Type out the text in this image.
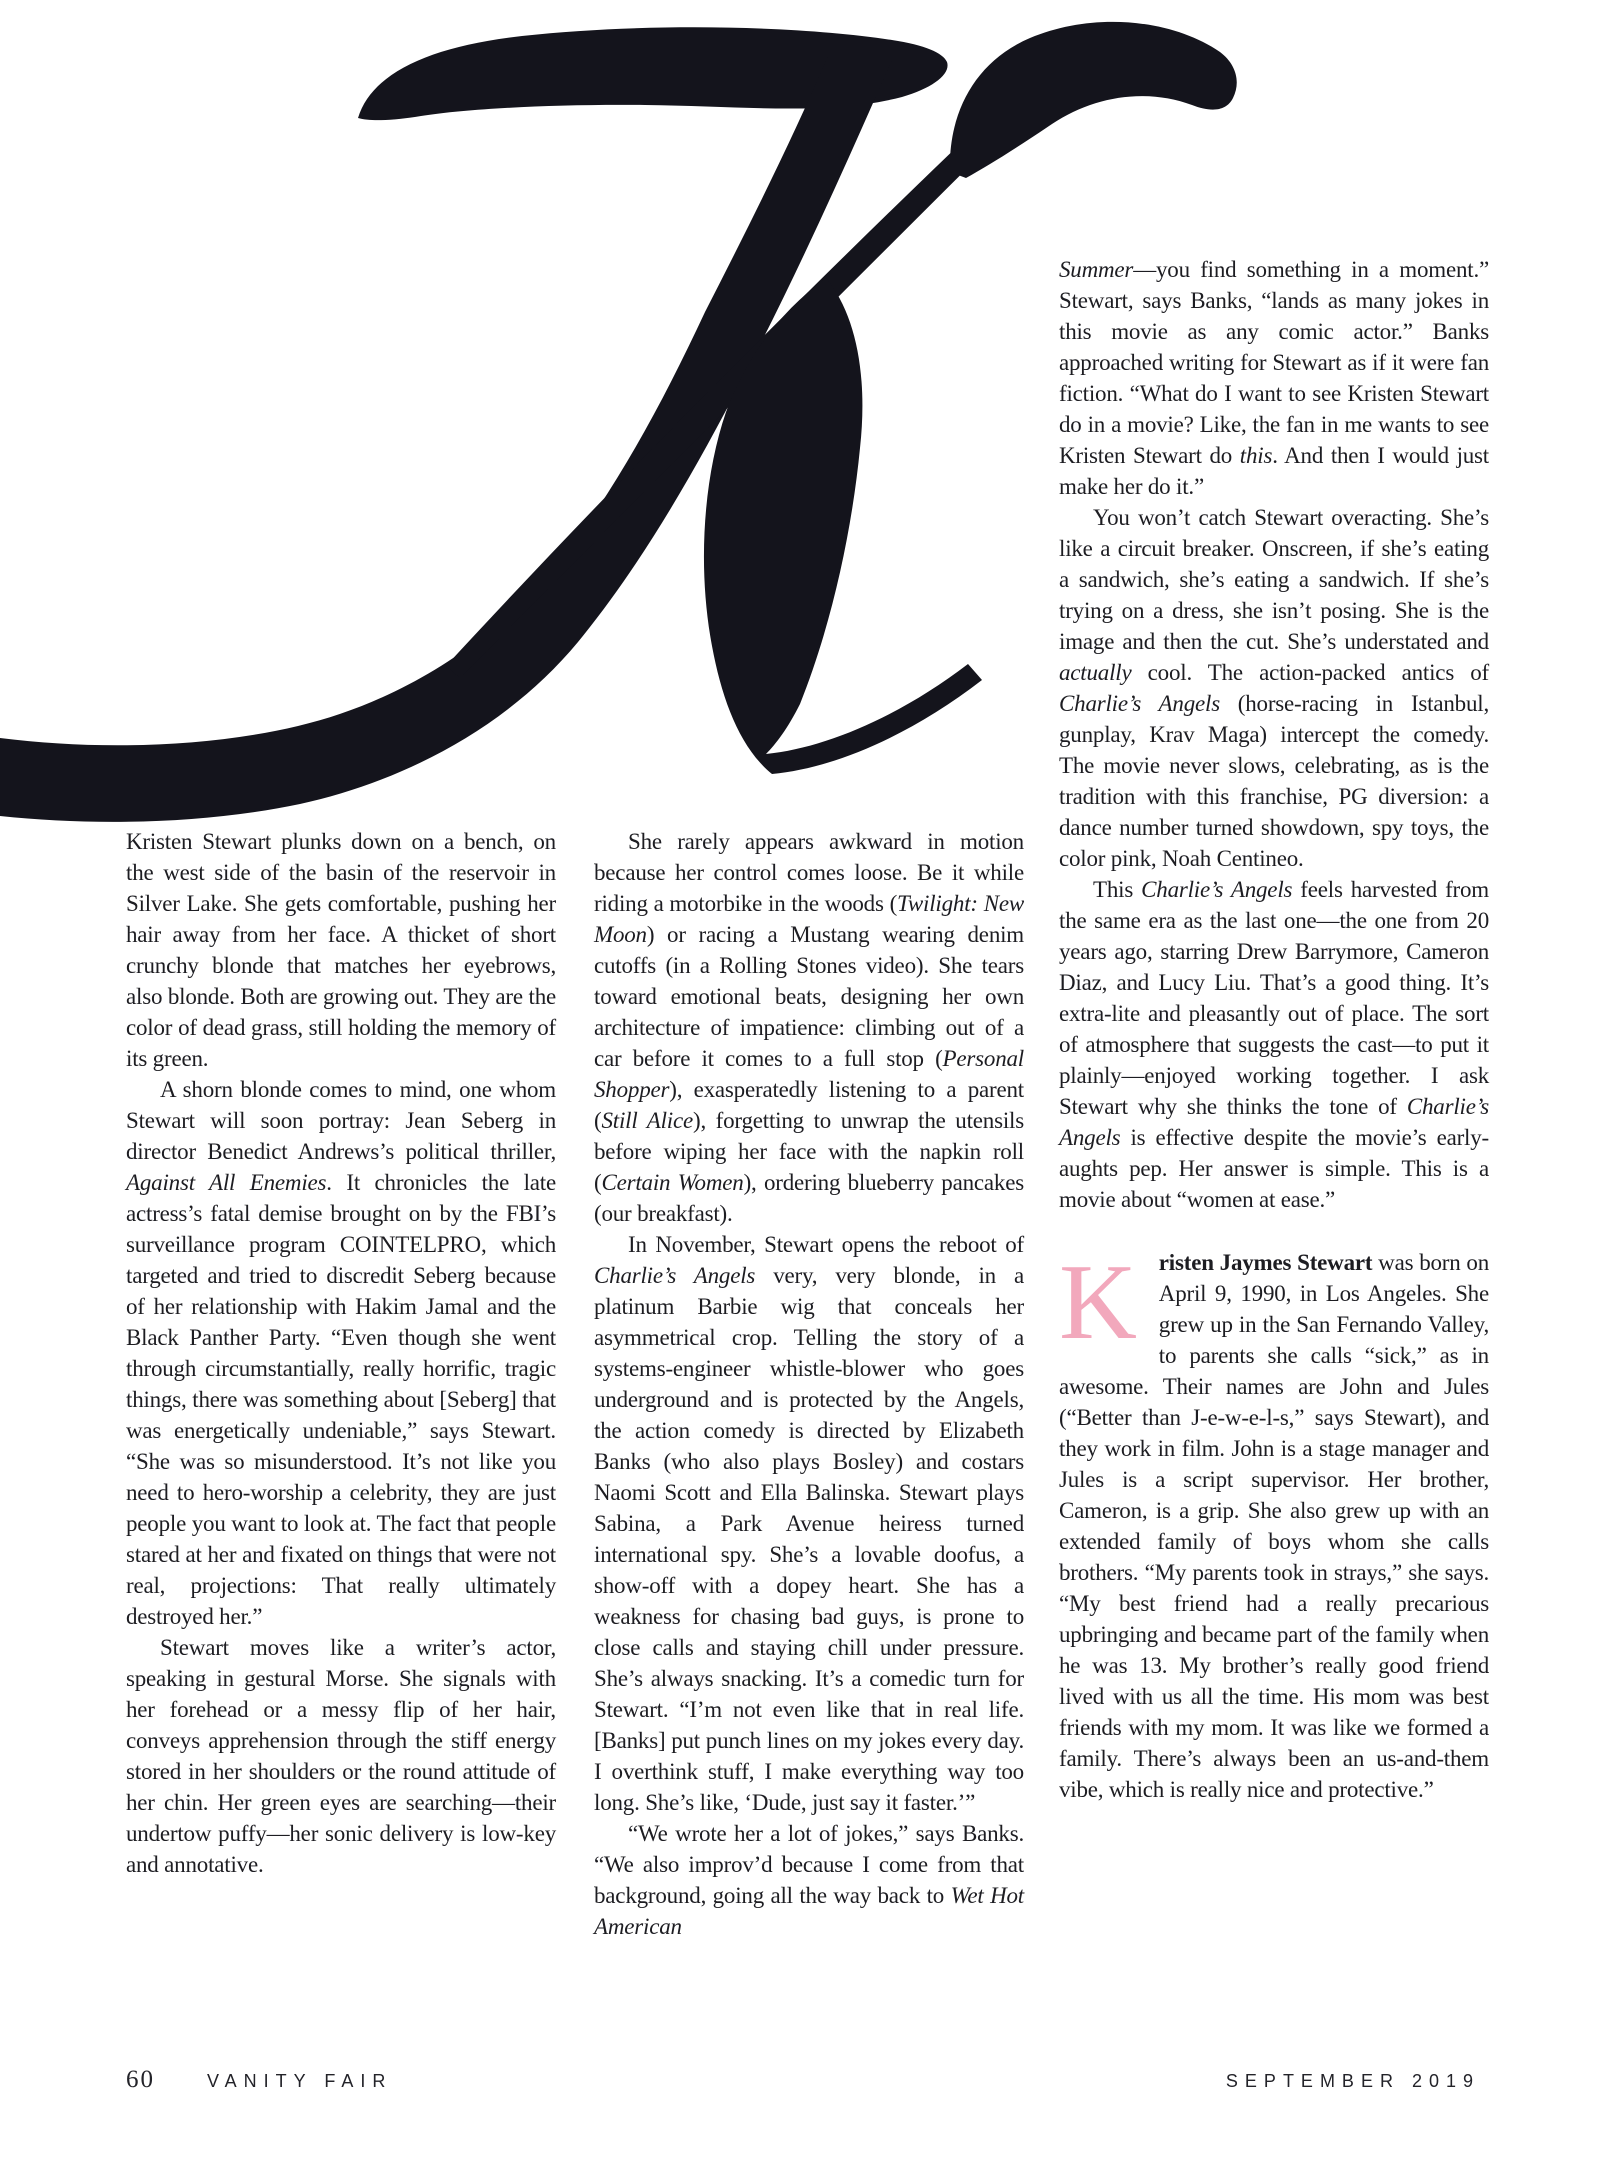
Kristen Stewart plunks down on a bench, on the west side of the basin of the reservoir in Silver Lake. She gets comfortable, pushing her hair away from her face. A thicket of short crunchy blonde that matches her eyebrows, also blonde. Both are growing out. They are the color of dead grass, still holding the memory of its green.

A shorn blonde comes to mind, one whom Stewart will soon portray: Jean Seberg in director Benedict Andrews’s political thriller, Against All Enemies. It chronicles the late actress’s fatal demise brought on by the FBI’s surveillance program COINTELPRO, which targeted and tried to discredit Seberg because of her relationship with Hakim Jamal and the Black Panther Party. “Even though she went through circumstantially, really horrific, tragic things, there was something about [Seberg] that was energetically undeniable,” says Stewart. “She was so misunderstood. It’s not like you need to hero-worship a celebrity, they are just people you want to look at. The fact that people stared at her and fixated on things that were not real, projections: That really ultimately destroyed her.”

Stewart moves like a writer’s actor, speaking in gestural Morse. She signals with her forehead or a messy flip of her hair, conveys apprehension through the stiff energy stored in her shoulders or the round attitude of her chin. Her green eyes are searching—their undertow puffy—her sonic delivery is low-key and annotative.

She rarely appears awkward in motion because her control comes loose. Be it while riding a motorbike in the woods (Twilight: New Moon) or racing a Mustang wearing denim cutoffs (in a Rolling Stones video). She tears toward emotional beats, designing her own architecture of impatience: climbing out of a car before it comes to a full stop (Personal Shopper), exasperatedly listening to a parent (Still Alice), forgetting to unwrap the utensils before wiping her face with the napkin roll (Certain Women), ordering blueberry pancakes (our breakfast).

In November, Stewart opens the reboot of Charlie’s Angels very, very blonde, in a platinum Barbie wig that conceals her asymmetrical crop. Telling the story of a systems-engineer whistle-blower who goes underground and is protected by the Angels, the action comedy is directed by Elizabeth Banks (who also plays Bosley) and costars Naomi Scott and Ella Balinska. Stewart plays Sabina, a Park Avenue heiress turned international spy. She’s a lovable doofus, a show-off with a dopey heart. She has a weakness for chasing bad guys, is prone to close calls and staying chill under pressure. She’s always snacking. It’s a comedic turn for Stewart. “I’m not even like that in real life. [Banks] put punch lines on my jokes every day. I overthink stuff, I make everything way too long. She’s like, ‘Dude, just say it faster.’”

“We wrote her a lot of jokes,” says Banks. “We also improv’d because I come from that background, going all the way back to Wet Hot American

Summer—you find something in a moment.” Stewart, says Banks, “lands as many jokes in this movie as any comic actor.” Banks approached writing for Stewart as if it were fan fiction. “What do I want to see Kristen Stewart do in a movie? Like, the fan in me wants to see Kristen Stewart do this. And then I would just make her do it.”

You won’t catch Stewart overacting. She’s like a circuit breaker. Onscreen, if she’s eating a sandwich, she’s eating a sandwich. If she’s trying on a dress, she isn’t posing. She is the image and then the cut. She’s understated and actually cool. The action-packed antics of Charlie’s Angels (horse-racing in Istanbul, gunplay, Krav Maga) intercept the comedy. The movie never slows, celebrating, as is the tradition with this franchise, PG diversion: a dance number turned showdown, spy toys, the color pink, Noah Centineo.

This Charlie’s Angels feels harvested from the same era as the last one—the one from 20 years ago, starring Drew Barrymore, Cameron Diaz, and Lucy Liu. That’s a good thing. It’s extra-lite and pleasantly out of place. The sort of atmosphere that suggests the cast—to put it plainly—enjoyed working together. I ask Stewart why she thinks the tone of Charlie’s Angels is effective despite the movie’s early-aughts pep. Her answer is simple. This is a movie about “women at ease.”

Kristen Jaymes Stewart was born on April 9, 1990, in Los Angeles. She grew up in the San Fernando Valley, to parents she calls “sick,” as in awesome. Their names are John and Jules (“Better than J-e-w-e-l-s,” says Stewart), and they work in film. John is a stage manager and Jules is a script supervisor. Her brother, Cameron, is a grip. She also grew up with an extended family of boys whom she calls brothers. “My parents took in strays,” she says. “My best friend had a really precarious upbringing and became part of the family when he was 13. My brother’s really good friend lived with us all the time. His mom was best friends with my mom. It was like we formed a family. There’s always been an us-and-them vibe, which is really nice and protective.”

60	VANITY FAIR	SEPTEMBER 2019
